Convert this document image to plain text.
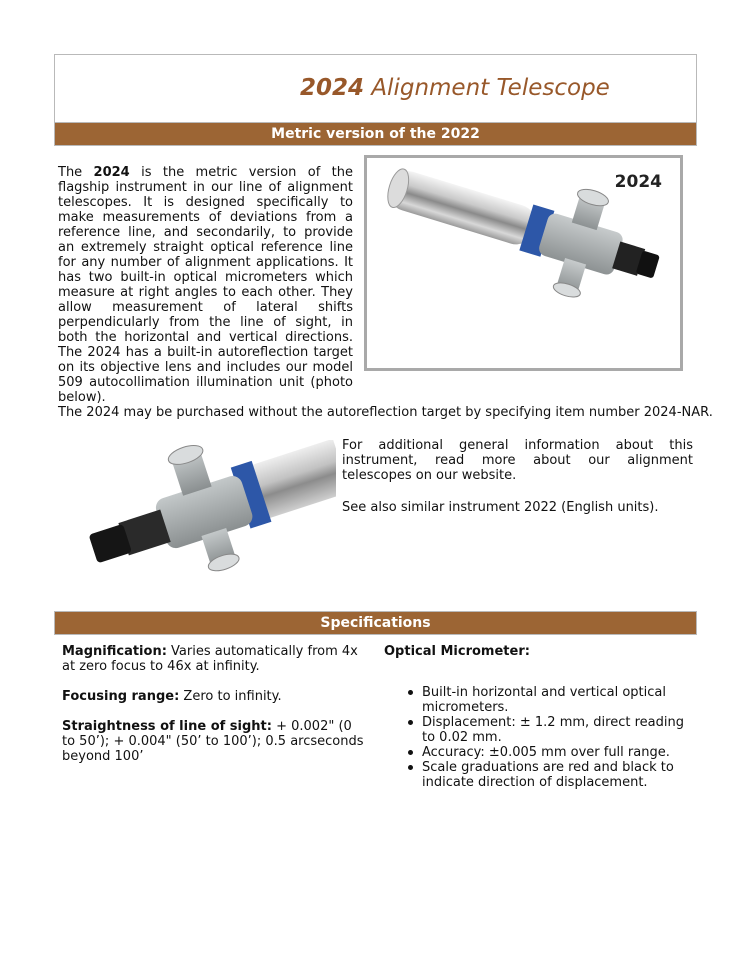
2024 Alignment Telescope
Metric version of the 2022
The 2024 is the metric version of the flagship instrument in our line of alignment telescopes. It is designed specifically to make measurements of deviations from a reference line, and secondarily, to provide an extremely straight optical reference line for any number of alignment applications. It has two built-in optical micrometers which measure at right angles to each other. They allow measurement of lateral shifts perpendicularly from the line of sight, in both the horizontal and vertical directions. The 2024 has a built-in autoreflection target on its objective lens and includes our model 509 autocollimation illumination unit (photo below).
2024
The 2024 may be purchased without the autoreflection target by specifying item number 2024-NAR.
For additional general information about this instrument, read more about our alignment telescopes on our website.
See also similar instrument 2022 (English units).
Specifications
Magnification: Varies automatically from 4x at zero focus to 46x at infinity.
Focusing range: Zero to infinity.
Straightness of line of sight: + 0.002" (0 to 50’); + 0.004" (50’ to 100’); 0.5 arcseconds beyond 100’
Optical Micrometer:
Built-in horizontal and vertical optical micrometers.
Displacement: ± 1.2 mm, direct reading to 0.02 mm.
Accuracy: ±0.005 mm over full range.
Scale graduations are red and black to indicate direction of displacement.
